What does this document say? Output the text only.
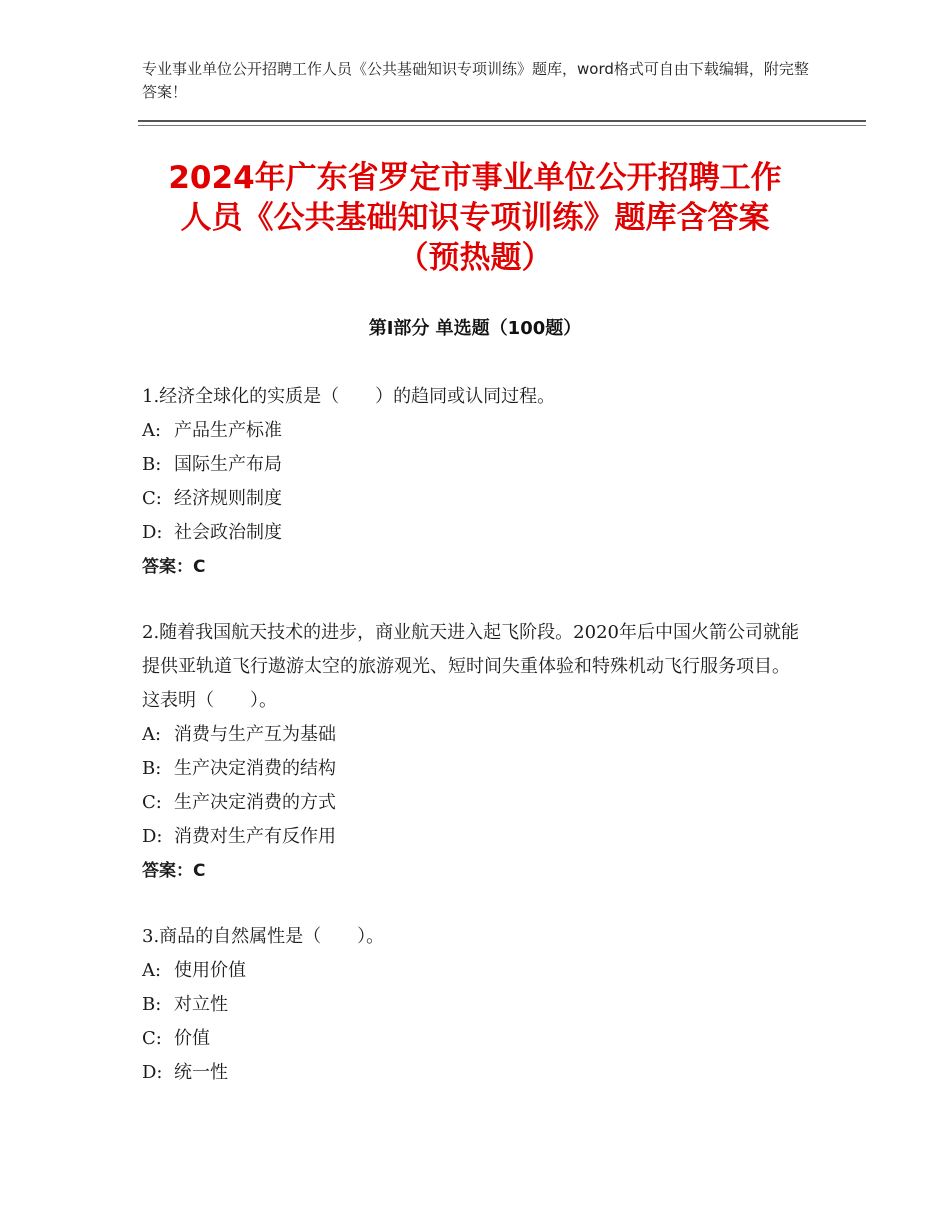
专业事业单位公开招聘工作人员《公共基础知识专项训练》题库，word格式可自由下载编辑，附完整答案！
2024年广东省罗定市事业单位公开招聘工作
人员《公共基础知识专项训练》题库含答案
（预热题）
第Ⅰ部分 单选题（100题）

1.经济全球化的实质是（　　）的趋同或认同过程。

A: 产品生产标准

B: 国际生产布局

C: 经济规则制度

D: 社会政治制度

答案：C

2.随着我国航天技术的进步，商业航天进入起飞阶段。2020年后中国火箭公司就能提供亚轨道飞行遨游太空的旅游观光、短时间失重体验和特殊机动飞行服务项目。这表明（　　）。

A: 消费与生产互为基础

B: 生产决定消费的结构

C: 生产决定消费的方式

D: 消费对生产有反作用

答案：C

3.商品的自然属性是（　　）。

A: 使用价值

B: 对立性

C: 价值

D: 统一性
